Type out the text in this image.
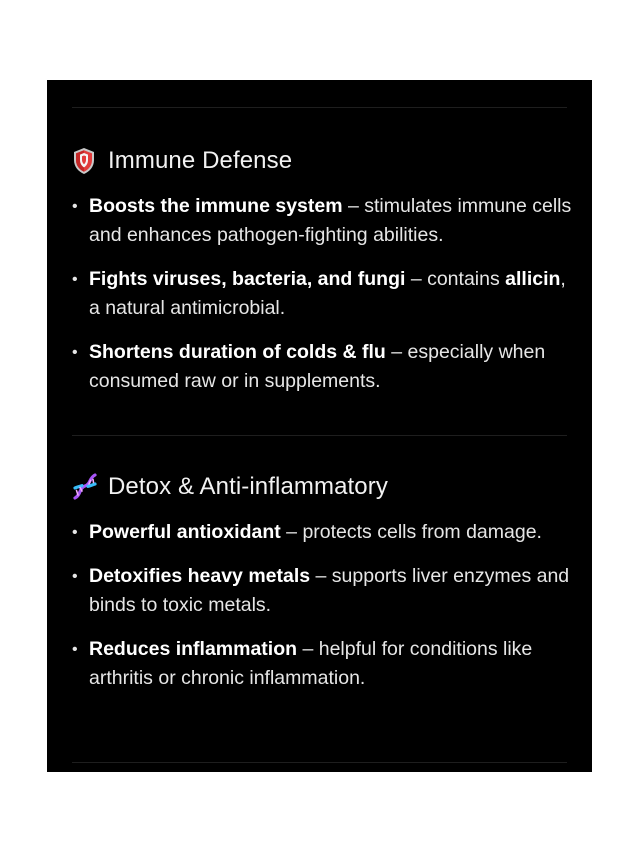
Immune Defense
• Boosts the immune system – stimulates immune cells and enhances pathogen-fighting abilities.
• Fights viruses, bacteria, and fungi – contains allicin, a natural antimicrobial.
• Shortens duration of colds & flu – especially when consumed raw or in supplements.
Detox & Anti-inflammatory
• Powerful antioxidant – protects cells from damage.
• Detoxifies heavy metals – supports liver enzymes and binds to toxic metals.
• Reduces inflammation – helpful for conditions like arthritis or chronic inflammation.
